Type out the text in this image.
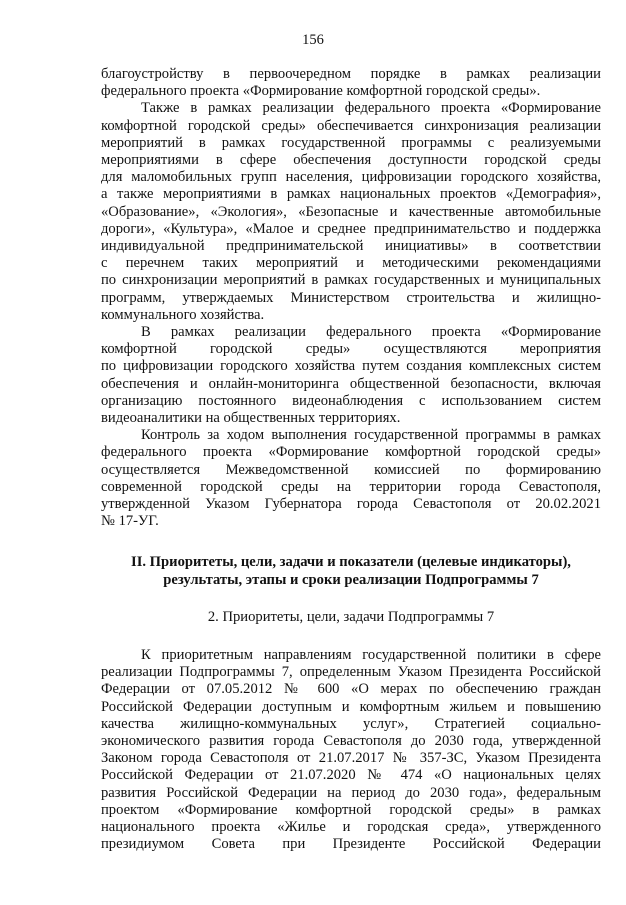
156

благоустройству в первоочередном порядке в рамках реализации

федерального проекта «Формирование комфортной городской среды».

Также в рамках реализации федерального проекта «Формирование

комфортной городской среды» обеспечивается синхронизация реализации

мероприятий в рамках государственной программы с реализуемыми

мероприятиями в сфере обеспечения доступности городской среды

для маломобильных групп населения, цифровизации городского хозяйства,

а также мероприятиями в рамках национальных проектов «Демография»,

«Образование», «Экология», «Безопасные и качественные автомобильные

дороги», «Культура», «Малое и среднее предпринимательство и поддержка

индивидуальной предпринимательской инициативы» в соответствии

с перечнем таких мероприятий и методическими рекомендациями

по синхронизации мероприятий в рамках государственных и муниципальных

программ, утверждаемых Министерством строительства и жилищно-

коммунального хозяйства.

В рамках реализации федерального проекта «Формирование

комфортной городской среды» осуществляются мероприятия

по цифровизации городского хозяйства путем создания комплексных систем

обеспечения и онлайн-мониторинга общественной безопасности, включая

организацию постоянного видеонаблюдения с использованием систем

видеоаналитики на общественных территориях.

Контроль за ходом выполнения государственной программы в рамках

федерального проекта «Формирование комфортной городской среды»

осуществляется Межведомственной комиссией по формированию

современной городской среды на территории города Севастополя,

утвержденной Указом Губернатора города Севастополя от 20.02.2021

№ 17-УГ.

II. Приоритеты, цели, задачи и показатели (целевые индикаторы),
результаты, этапы и сроки реализации Подпрограммы 7
2. Приоритеты, цели, задачи Подпрограммы 7

К приоритетным направлениям государственной политики в сфере

реализации Подпрограммы 7, определенным Указом Президента Российской

Федерации от 07.05.2012 № 600 «О мерах по обеспечению граждан

Российской Федерации доступным и комфортным жильем и повышению

качества жилищно-коммунальных услуг», Стратегией социально-

экономического развития города Севастополя до 2030 года, утвержденной

Законом города Севастополя от 21.07.2017 № 357-ЗС, Указом Президента

Российской Федерации от 21.07.2020 № 474 «О национальных целях

развития Российской Федерации на период до 2030 года», федеральным

проектом «Формирование комфортной городской среды» в рамках

национального проекта «Жилье и городская среда», утвержденного

президиумом Совета при Президенте Российской Федерации
